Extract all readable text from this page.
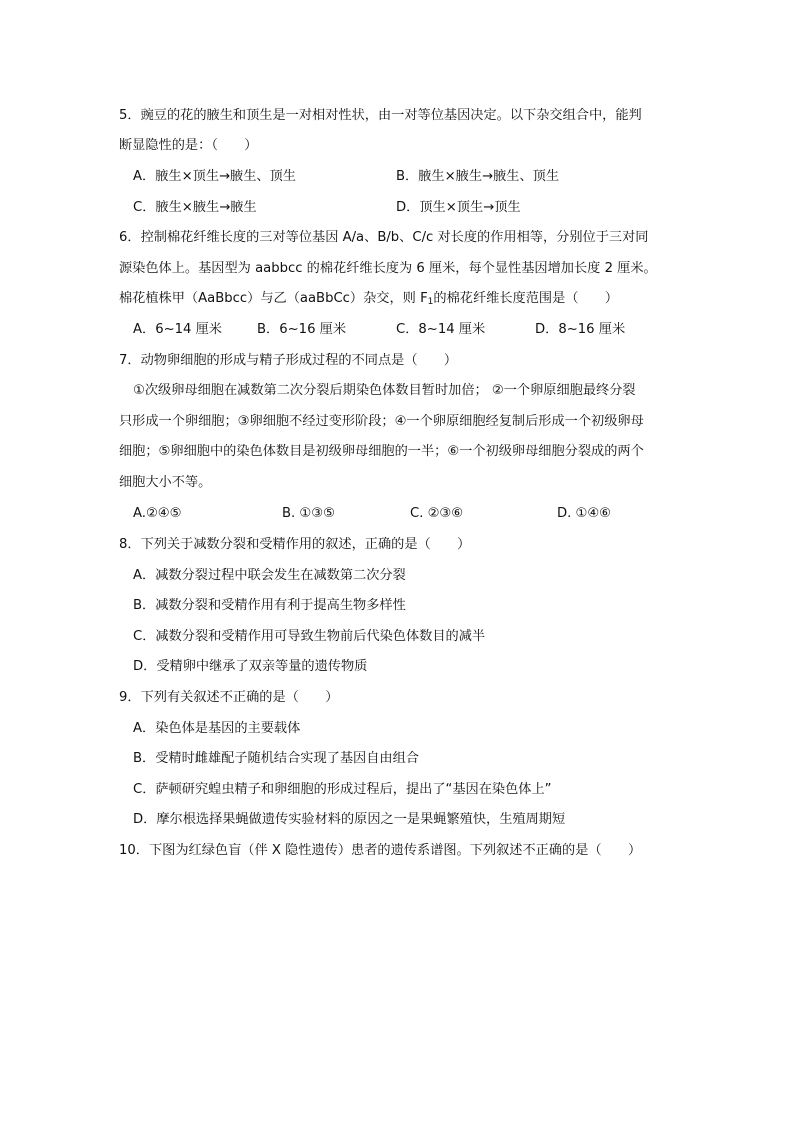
5．豌豆的花的腋生和顶生是一对相对性状，由一对等位基因决定。以下杂交组合中，能判
断显隐性的是：（　　）
A．腋生×顶生→腋生、顶生	B．腋生×腋生→腋生、顶生
C．腋生×腋生→腋生	D．顶生×顶生→顶生
6．控制棉花纤维长度的三对等位基因 A/a、B/b、C/c 对长度的作用相等，分别位于三对同
源染色体上。基因型为 aabbcc 的棉花纤维长度为 6 厘米，每个显性基因增加长度 2 厘米。
棉花植株甲（AaBbcc）与乙（aaBbCc）杂交，则 $F_1$的棉花纤维长度范围是（　　）
A．6~14 厘米	B．6~16 厘米	C．8~14 厘米	D．8~16 厘米
7．动物卵细胞的形成与精子形成过程的不同点是（　　）
①次级卵母细胞在减数第二次分裂后期染色体数目暂时加倍； ②一个卵原细胞最终分裂
只形成一个卵细胞；③卵细胞不经过变形阶段；④一个卵原细胞经复制后形成一个初级卵母
细胞；⑤卵细胞中的染色体数目是初级卵母细胞的一半；⑥一个初级卵母细胞分裂成的两个
细胞大小不等。
A.②④⑤	B. ①③⑤	C. ②③⑥	D. ①④⑥
8．下列关于减数分裂和受精作用的叙述，正确的是（　　）
A．减数分裂过程中联会发生在减数第二次分裂
B．减数分裂和受精作用有利于提高生物多样性
C．减数分裂和受精作用可导致生物前后代染色体数目的减半
D．受精卵中继承了双亲等量的遗传物质
9．下列有关叙述不正确的是（　　）
A．染色体是基因的主要载体
B．受精时雌雄配子随机结合实现了基因自由组合
C．萨顿研究蝗虫精子和卵细胞的形成过程后，提出了“基因在染色体上”
D．摩尔根选择果蝇做遗传实验材料的原因之一是果蝇繁殖快，生殖周期短
10．下图为红绿色盲（伴 X 隐性遗传）患者的遗传系谱图。下列叙述不正确的是（　　）
